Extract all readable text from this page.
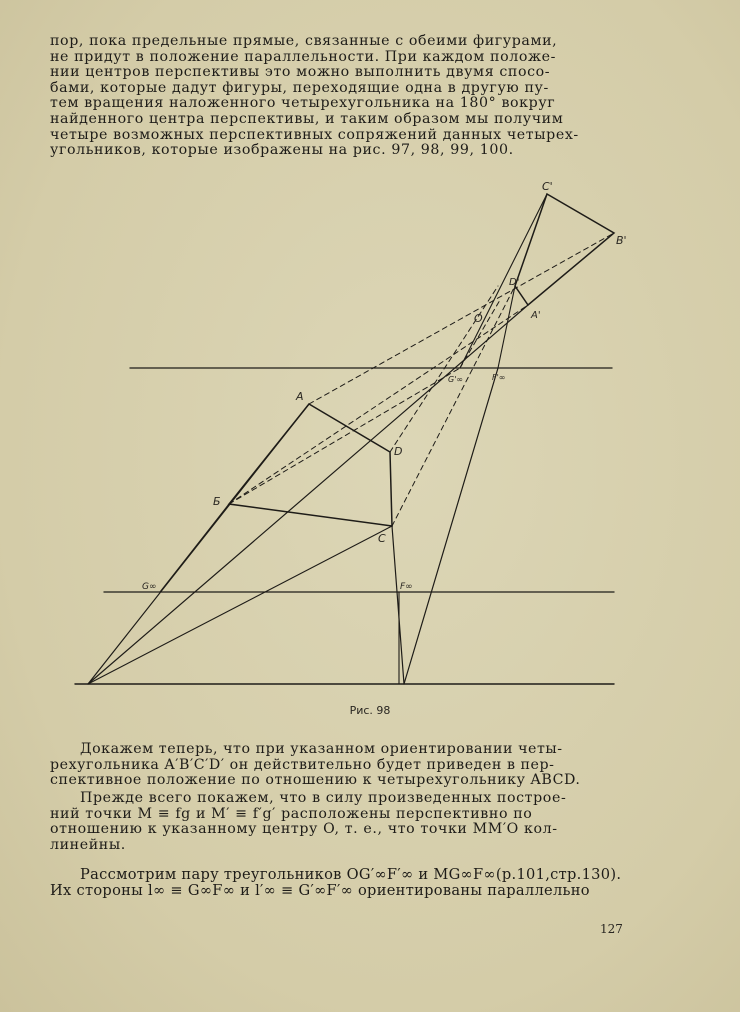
пор, пока предельные прямые, связанные с обеими фигурами,
не придут в положение параллельности. При каждом положе-
нии центров перспективы это можно выполнить двумя спосо-
бами, которые дадут фигуры, переходящие одна в другую пу-
тем вращения наложенного четырехугольника на 180° вокруг
найденного центра перспективы, и таким образом мы получим
четыре возможных перспективных сопряжений данных четырех-
угольников, которые изображены на рис. 97, 98, 99, 100.
C'
B'
D'
A'
O
G'∞	F'∞
A
D
Б
C
G∞	F∞
Рис. 98
Докажем теперь, что при указанном ориентировании четы-
рехугольника A′B′C′D′ он действительно будет приведен в пер-
спективное положение по отношению к четырехугольнику ABCD.
Прежде всего покажем, что в силу произведенных построе-
ний точки M ≡ fg и M′ ≡ f′g′ расположены перспективно по
отношению к указанному центру O, т. е., что точки MM′O кол-
линейны.
Рассмотрим пару треугольников OG′∞F′∞ и MG∞F∞(р.101,стр.130).
Их стороны l∞ ≡ G∞F∞ и l′∞ ≡ G′∞F′∞ ориентированы параллельно
127
